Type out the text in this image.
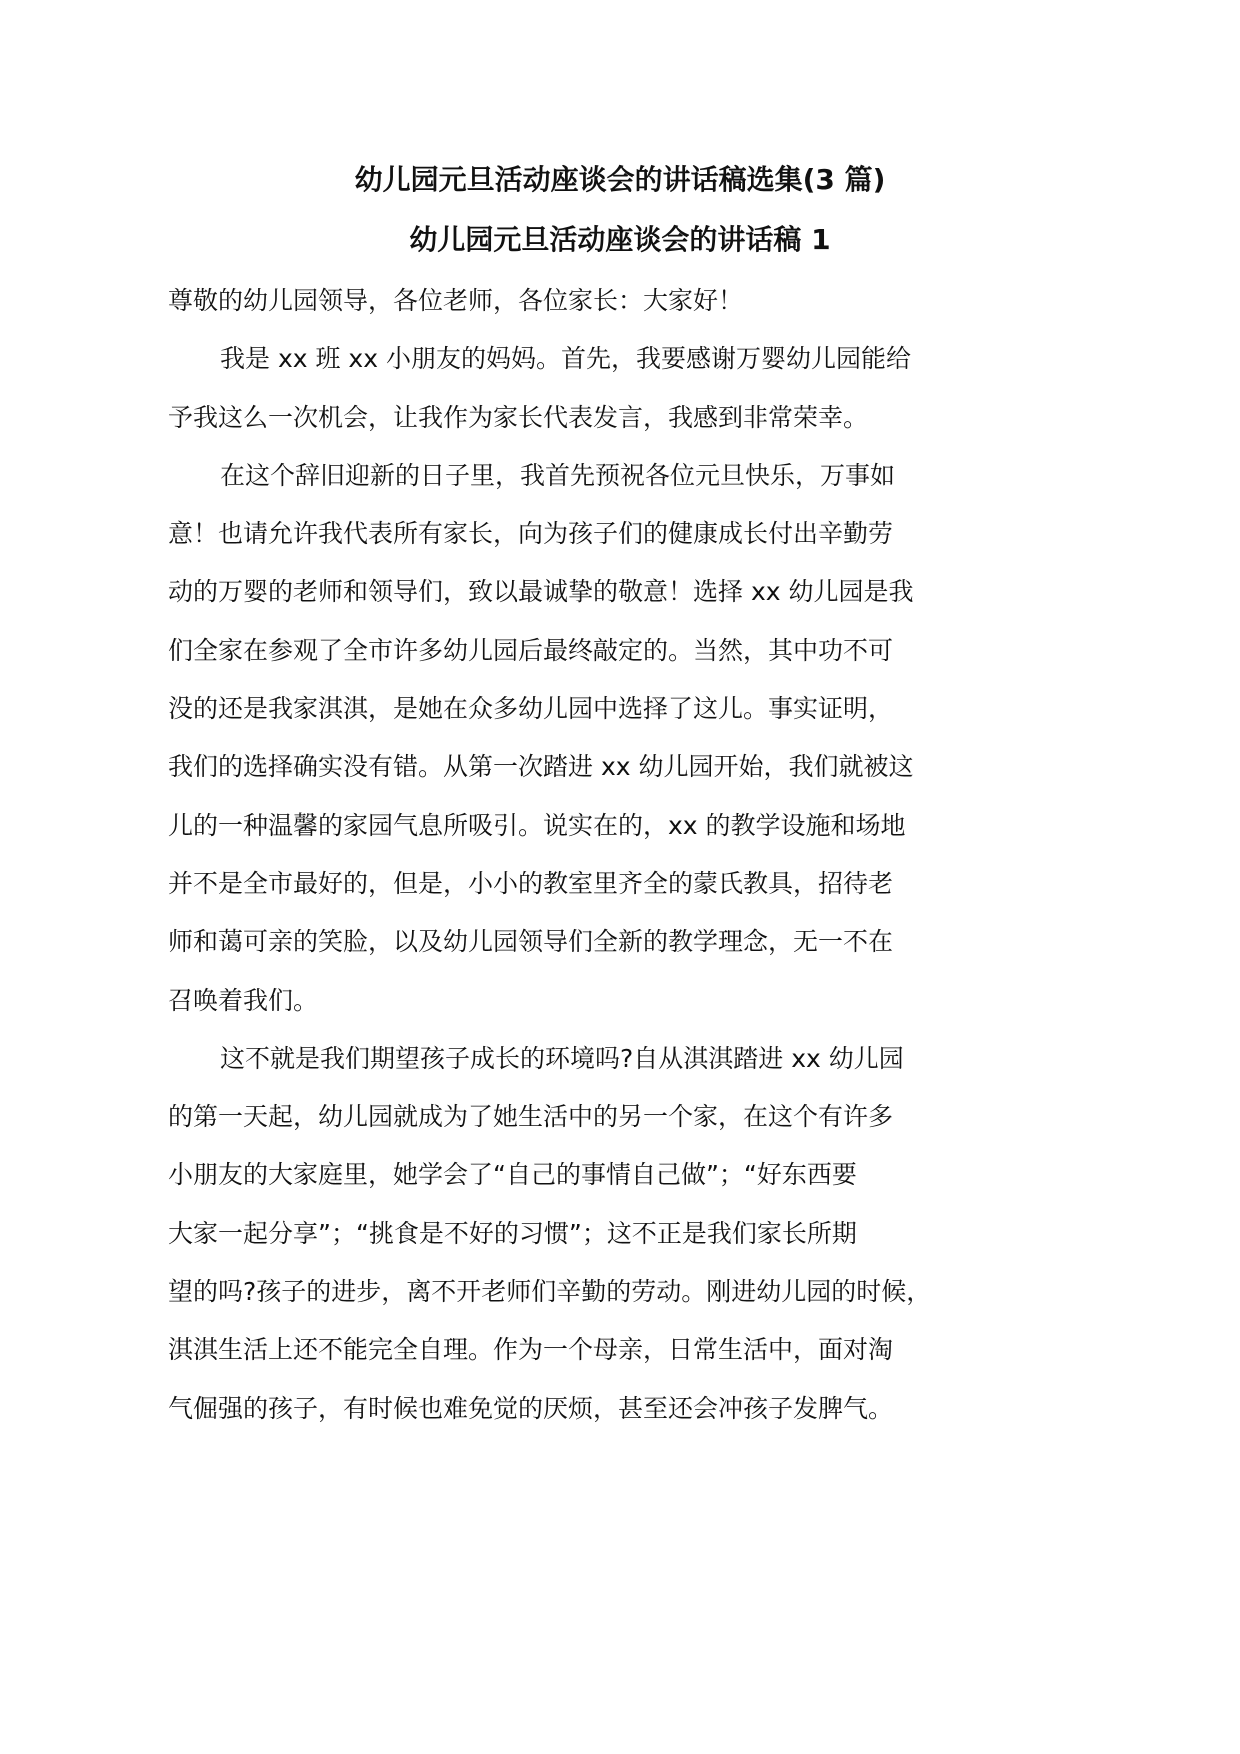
幼儿园元旦活动座谈会的讲话稿选集(3 篇)
幼儿园元旦活动座谈会的讲话稿 1
尊敬的幼儿园领导，各位老师，各位家长：大家好！
我是 xx 班 xx 小朋友的妈妈。首先，我要感谢万婴幼儿园能给
予我这么一次机会，让我作为家长代表发言，我感到非常荣幸。
在这个辞旧迎新的日子里，我首先预祝各位元旦快乐，万事如
意！也请允许我代表所有家长，向为孩子们的健康成长付出辛勤劳
动的万婴的老师和领导们，致以最诚挚的敬意！选择 xx 幼儿园是我
们全家在参观了全市许多幼儿园后最终敲定的。当然，其中功不可
没的还是我家淇淇，是她在众多幼儿园中选择了这儿。事实证明，
我们的选择确实没有错。从第一次踏进 xx 幼儿园开始，我们就被这
儿的一种温馨的家园气息所吸引。说实在的，xx 的教学设施和场地
并不是全市最好的，但是，小小的教室里齐全的蒙氏教具，招待老
师和蔼可亲的笑脸，以及幼儿园领导们全新的教学理念，无一不在
召唤着我们。
这不就是我们期望孩子成长的环境吗?自从淇淇踏进 xx 幼儿园
的第一天起，幼儿园就成为了她生活中的另一个家，在这个有许多
小朋友的大家庭里，她学会了“自己的事情自己做”；“好东西要
大家一起分享”；“挑食是不好的习惯”；这不正是我们家长所期
望的吗?孩子的进步，离不开老师们辛勤的劳动。刚进幼儿园的时候，
淇淇生活上还不能完全自理。作为一个母亲，日常生活中，面对淘
气倔强的孩子，有时候也难免觉的厌烦，甚至还会冲孩子发脾气。
